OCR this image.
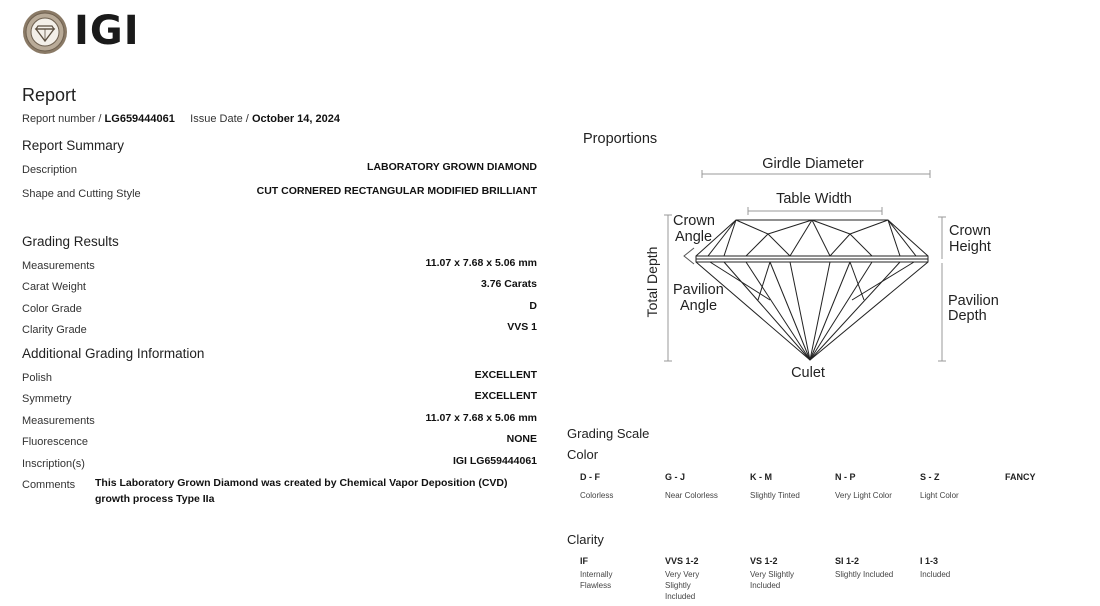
IGI
Report
Report number / LG659444061 Issue Date / October 14, 2024
Report Summary
Description	LABORATORY GROWN DIAMOND
Shape and Cutting Style	CUT CORNERED RECTANGULAR MODIFIED BRILLIANT
Grading Results
Measurements	11.07 x 7.68 x 5.06 mm
Carat Weight	3.76 Carats
Color Grade	D
Clarity Grade	VVS 1
Additional Grading Information
Polish	EXCELLENT
Symmetry	EXCELLENT
Measurements	11.07 x 7.68 x 5.06 mm
Fluorescence	NONE
Inscription(s)	IGI LG659444061
Comments This Laboratory Grown Diamond was created by Chemical Vapor Deposition (CVD) growth process Type IIa
Proportions
Girdle Diameter
Table Width
Total Depth
Crown
Angle
Pavilion
Angle
Crown
Height
Pavilion
Depth
Culet
Grading Scale
Color
D - F
Colorless
G - J
Near Colorless
K - M
Slightly Tinted
N - P
Very Light Color
S - Z
Light Color
FANCY
Clarity
IF
Internally Flawless
VVS 1-2
Very Very Slightly Included
VS 1-2
Very Slightly Included
SI 1-2
Slightly Included
I 1-3
Included
